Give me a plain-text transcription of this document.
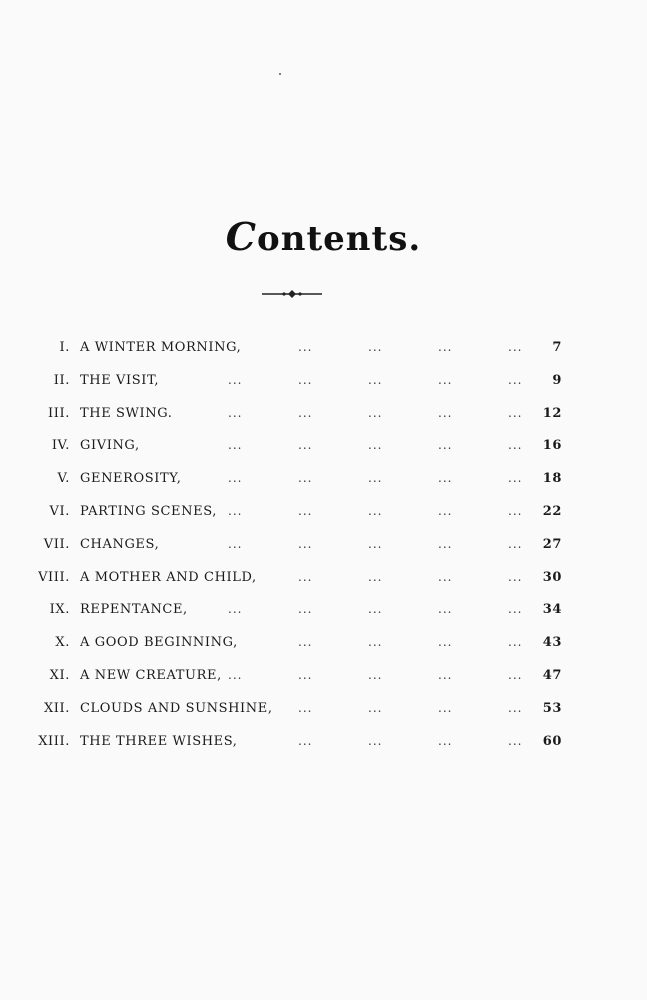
Contents.
I. A WINTER MORNING,	...	...	...	...	7
II. THE VISIT,	...	...	...	...	...	9
III. THE SWING.	...	...	...	...	...	12
IV. GIVING,	...	...	...	...	...	16
V. GENEROSITY,	...	...	...	...	...	18
VI. PARTING SCENES, ...	...	...	...	...	22
VII. CHANGES,	...	...	...	...	...	27
VIII. A MOTHER AND CHILD,	...	...	...	...	30
IX. REPENTANCE,	...	...	...	...	...	34
X. A GOOD BEGINNING,	...	...	...	...	43
XI. A NEW CREATURE, ...	...	...	...	...	47
XII. CLOUDS AND SUNSHINE, ...	...	...	...	53
XIII. THE THREE WISHES,	...	...	...	...	60
